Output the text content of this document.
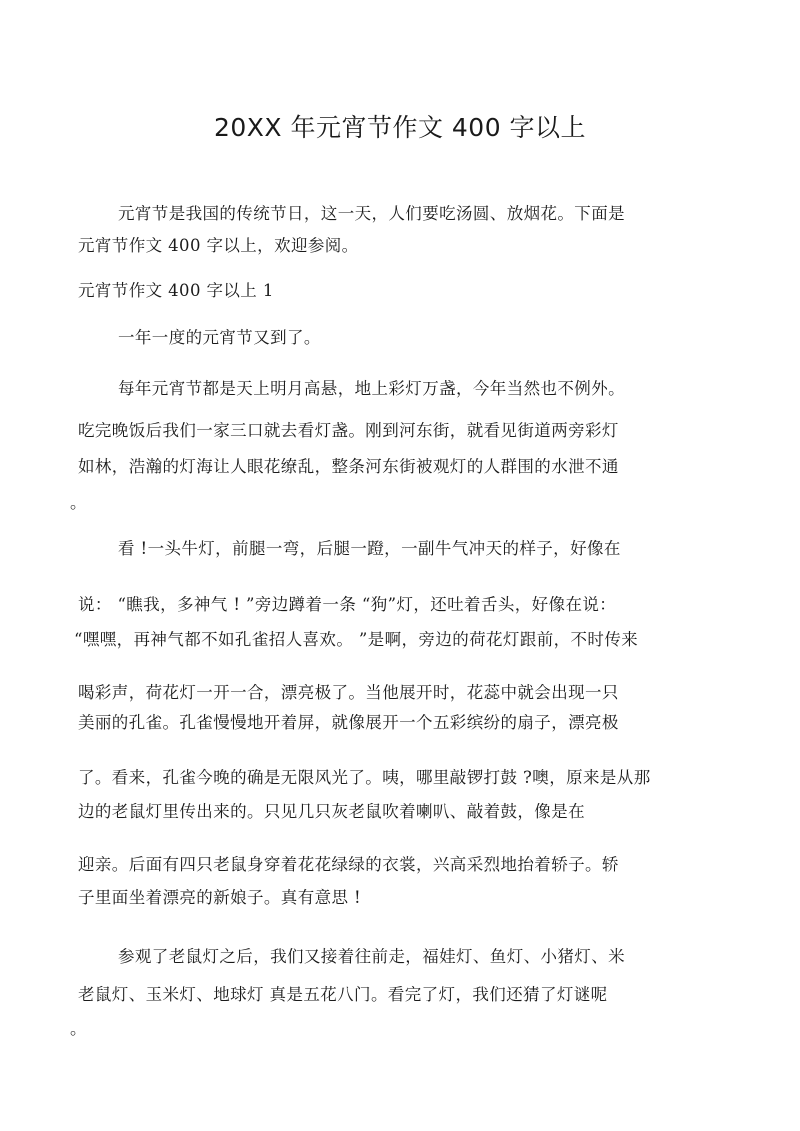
20XX 年元宵节作文 400 字以上
元宵节是我国的传统节日，这一天，人们要吃汤圆、放烟花。下面是
元宵节作文 400 字以上，欢迎参阅。
元宵节作文 400 字以上 1
一年一度的元宵节又到了。
每年元宵节都是天上明月高悬，地上彩灯万盏，今年当然也不例外。
吃完晚饭后我们一家三口就去看灯盏。刚到河东街，就看见街道两旁彩灯
如林，浩瀚的灯海让人眼花缭乱，整条河东街被观灯的人群围的水泄不通
。
看 !一头牛灯，前腿一弯，后腿一蹬，一副牛气冲天的样子，好像在
说： “瞧我，多神气 ! ”旁边蹲着一条 “狗”灯，还吐着舌头，好像在说：
“嘿嘿，再神气都不如孔雀招人喜欢。 ”是啊，旁边的荷花灯跟前，不时传来
喝彩声，荷花灯一开一合，漂亮极了。当他展开时，花蕊中就会出现一只
美丽的孔雀。孔雀慢慢地开着屏，就像展开一个五彩缤纷的扇子，漂亮极
了。看来，孔雀今晚的确是无限风光了。咦，哪里敲锣打鼓 ?噢，原来是从那
边的老鼠灯里传出来的。只见几只灰老鼠吹着喇叭、敲着鼓，像是在
迎亲。后面有四只老鼠身穿着花花绿绿的衣裳，兴高采烈地抬着轿子。轿
子里面坐着漂亮的新娘子。真有意思 !
参观了老鼠灯之后，我们又接着往前走，福娃灯、鱼灯、小猪灯、米
老鼠灯、玉米灯、地球灯 真是五花八门。看完了灯，我们还猜了灯谜呢
。
